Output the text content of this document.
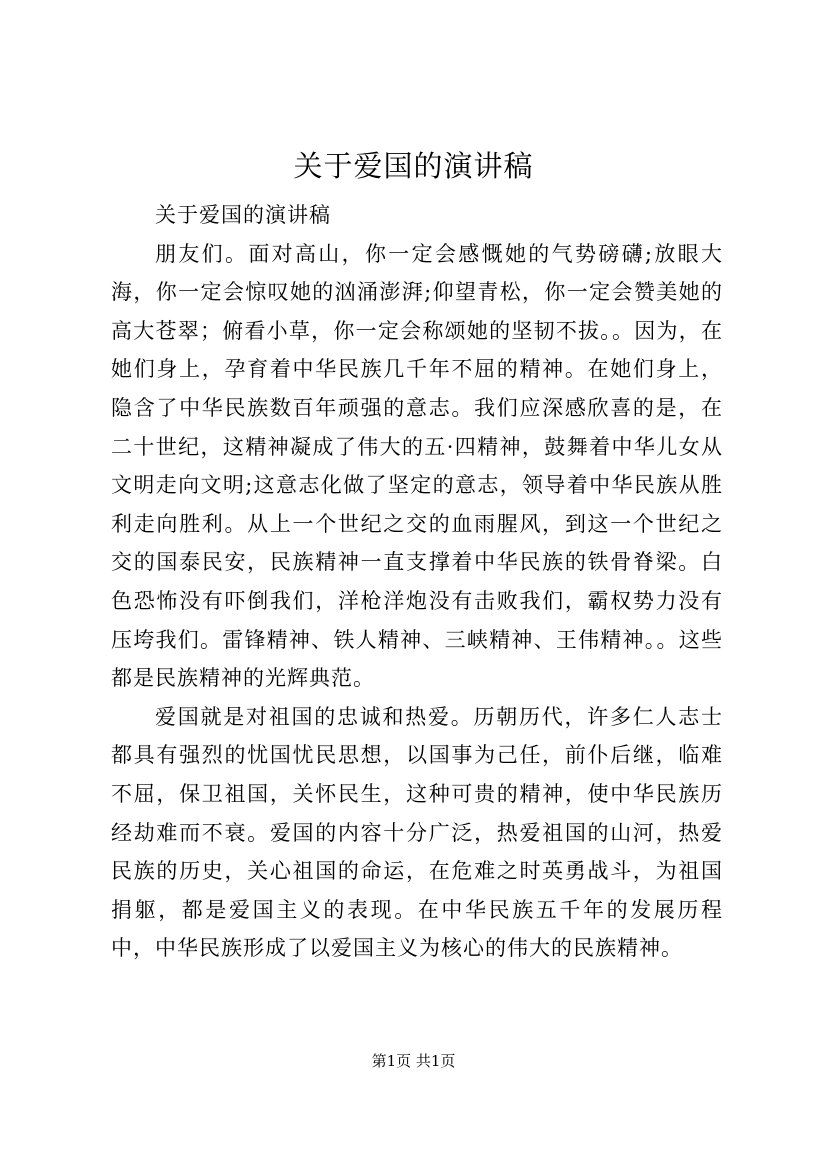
关于爱国的演讲稿

关于爱国的演讲稿

朋友们。面对高山，你一定会感慨她的气势磅礴;放眼大海，你一定会惊叹她的汹涌澎湃;仰望青松，你一定会赞美她的高大苍翠；俯看小草，你一定会称颂她的坚韧不拔。。因为，在她们身上，孕育着中华民族几千年不屈的精神。在她们身上，隐含了中华民族数百年顽强的意志。我们应深感欣喜的是，在二十世纪，这精神凝成了伟大的五·四精神，鼓舞着中华儿女从文明走向文明;这意志化做了坚定的意志，领导着中华民族从胜利走向胜利。从上一个世纪之交的血雨腥风，到这一个世纪之交的国泰民安，民族精神一直支撑着中华民族的铁骨脊梁。白色恐怖没有吓倒我们，洋枪洋炮没有击败我们，霸权势力没有压垮我们。雷锋精神、铁人精神、三峡精神、王伟精神。。这些都是民族精神的光辉典范。

爱国就是对祖国的忠诚和热爱。历朝历代，许多仁人志士都具有强烈的忧国忧民思想，以国事为己任，前仆后继，临难不屈，保卫祖国，关怀民生，这种可贵的精神，使中华民族历经劫难而不衰。爱国的内容十分广泛，热爱祖国的山河，热爱民族的历史，关心祖国的命运，在危难之时英勇战斗，为祖国捐躯，都是爱国主义的表现。在中华民族五千年的发展历程中，中华民族形成了以爱国主义为核心的伟大的民族精神。

第1页 共1页
